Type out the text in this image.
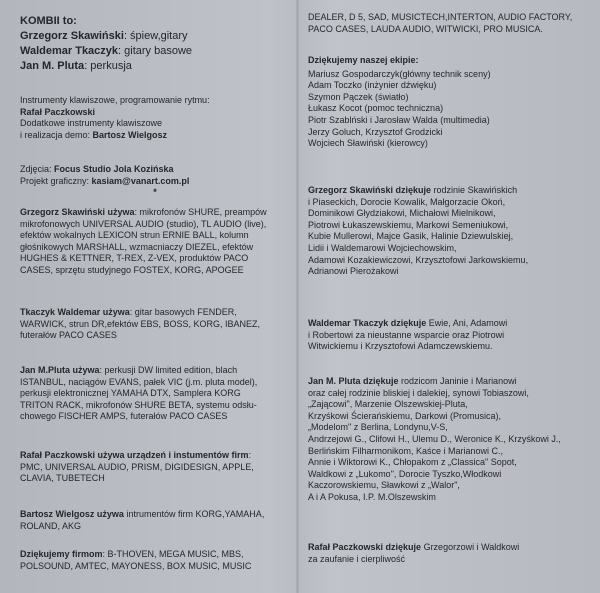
KOMBII to:
Grzegorz Skawiński: śpiew,gitary
Waldemar Tkaczyk: gitary basowe
Jan M. Pluta: perkusja
Instrumenty klawiszowe, programowanie rytmu:
Rafał Paczkowski
Dodatkowe instrumenty klawiszowe
i realizacja demo: Bartosz Wielgosz
Zdjęcia: Focus Studio Jola Kozińska
Projekt graficzny: kasiam@vanart.com.pl
*
Grzegorz Skawiński używa: mikrofonów SHURE, preampów
mikrofonowych UNIVERSAL AUDIO (studio), TL AUDIO (live),
efektów wokalnych LEXICON strun ERNIE BALL, kolumn
głośnikowych MARSHALL, wzmacniaczy DIEZEL, efektów
HUGHES & KETTNER, T-REX, Z-VEX, produktów PACO
CASES, sprzętu studyjnego FOSTEX, KORG, APOGEE
Tkaczyk Waldemar używa: gitar basowych FENDER,
WARWICK, strun DR,efektów EBS, BOSS, KORG, IBANEZ,
futerałów PACO CASES
Jan M.Pluta używa: perkusji DW limited edition, blach
ISTANBUL, naciągów EVANS, pałek VIC (j.m. pluta model),
perkusji elektronicznej YAMAHA DTX, Samplera KORG
TRITON RACK, mikrofonów SHURE BETA, systemu odsłu-
chowego FISCHER AMPS, futerałów PACO CASES
Rafał Paczkowski używa urządzeń i instumentów firm:
PMC, UNIVERSAL AUDIO, PRISM, DIGIDESIGN, APPLE,
CLAVIA, TUBETECH
Bartosz Wielgosz używa intrumentów firm KORG,YAMAHA,
ROLAND, AKG
Dziękujemy firmom: B-THOVEN, MEGA MUSIC, MBS,
POLSOUND, AMTEC, MAYONESS, BOX MUSIC, MUSIC
DEALER, D 5, SAD, MUSICTECH,INTERTON, AUDIO FACTORY,
PACO CASES, LAUDA AUDIO, WITWICKI, PRO MUSICA.
Dziękujemy naszej ekipie:
Mariusz Gospodarczyk(główny technik sceny)
Adam Toczko (inżynier dźwięku)
Szymon Pączek (światło)
Łukasz Kocot (pomoc techniczna)
Piotr Szablński i Jarosław Walda (multimedia)
Jerzy Goluch, Krzysztof Grodzicki
Wojciech Sławiński (kierowcy)
Grzegorz Skawiński dziękuje rodzinie Skawińskich
i Piaseckich, Dorocie Kowalik, Małgorzacie Okoń,
Dominikowi Głydziakowi, Michałowi Mielnikowi,
Piotrowi Łukaszewskiemu, Markowi Semeniukowi,
Kubie Mullerowi, Majce Gasik, Halinie Dziewulskiej,
Lidii i Waldemarowi Wojciechowskim,
Adamowi Kozakiewiczowi, Krzysztofowi Jarkowskiemu,
Adrianowi Pierożakowi
Waldemar Tkaczyk dziękuje Ewie, Ani, Adamowi
i Robertowi za nieustanne wsparcie oraz Piotrowi
Witwickiemu i Krzysztofowi Adamczewskiemu.
Jan M. Pluta dziękuje rodzicom Janinie i Marianowi
oraz całej rodzinie bliskiej i dalekiej, synowi Tobiaszowi,
„Zającowi", Marzenie Olszewskiej-Pluta,
Krzyśkowi Ścierańskiemu, Darkowi (Promusica),
„Modelom" z Berlina, Londynu,V-S,
Andrzejowi G., Clifowi H., Ulemu D., Weronice K., Krzyśkowi J.,
Berlińskim Filharmonikom, Kaśce i Marianowi C.,
Annie i Wiktorowi K., Chłopakom z „Classica" Sopot,
Waldkowi z „Lukomo", Dorocie Tyszko,Włodkowi
Kaczorowskiemu, Sławkowi z „Walor",
A i A Pokusa, I.P. M.Olszewskim
Rafał Paczkowski dziękuje Grzegorzowi i Waldkowi
za zaufanie i cierpliwość
